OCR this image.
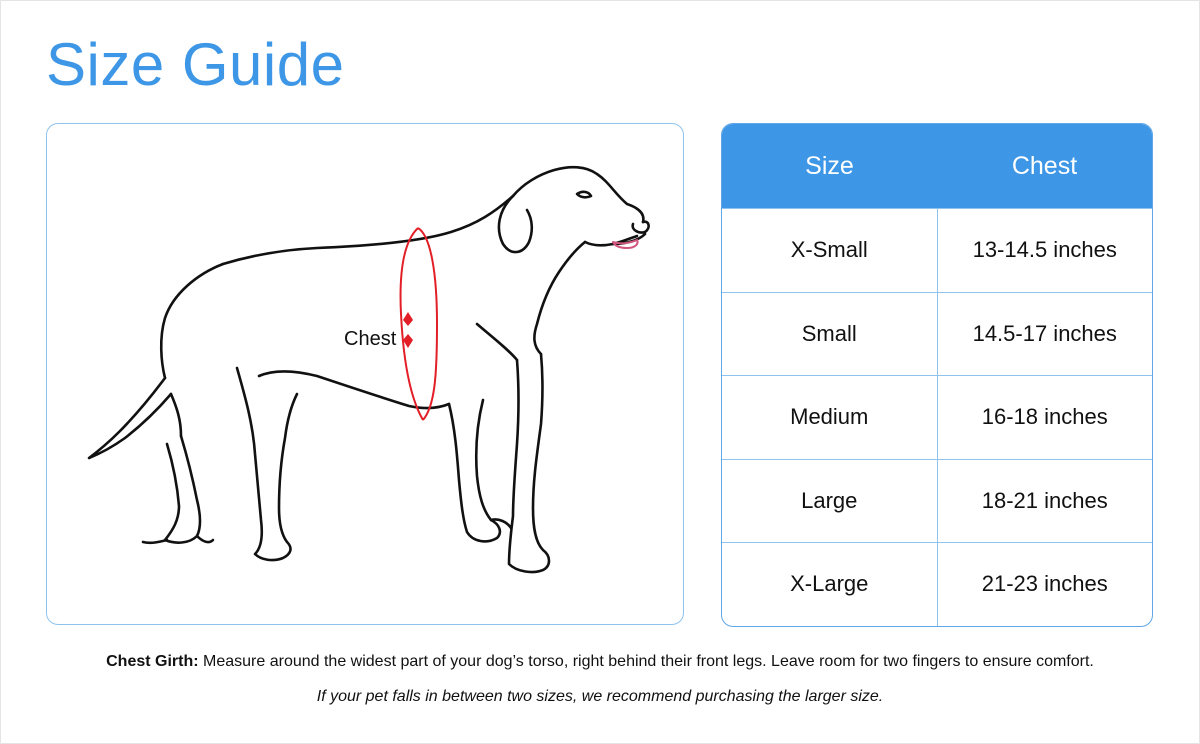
Size Guide
Chest
Size	Chest
X-Small	13-14.5 inches
Small	14.5-17 inches
Medium	16-18 inches
Large	18-21 inches
X-Large	21-23 inches
Chest Girth: Measure around the widest part of your dog’s torso, right behind their front legs. Leave room for two fingers to ensure comfort.
If your pet falls in between two sizes, we recommend purchasing the larger size.
